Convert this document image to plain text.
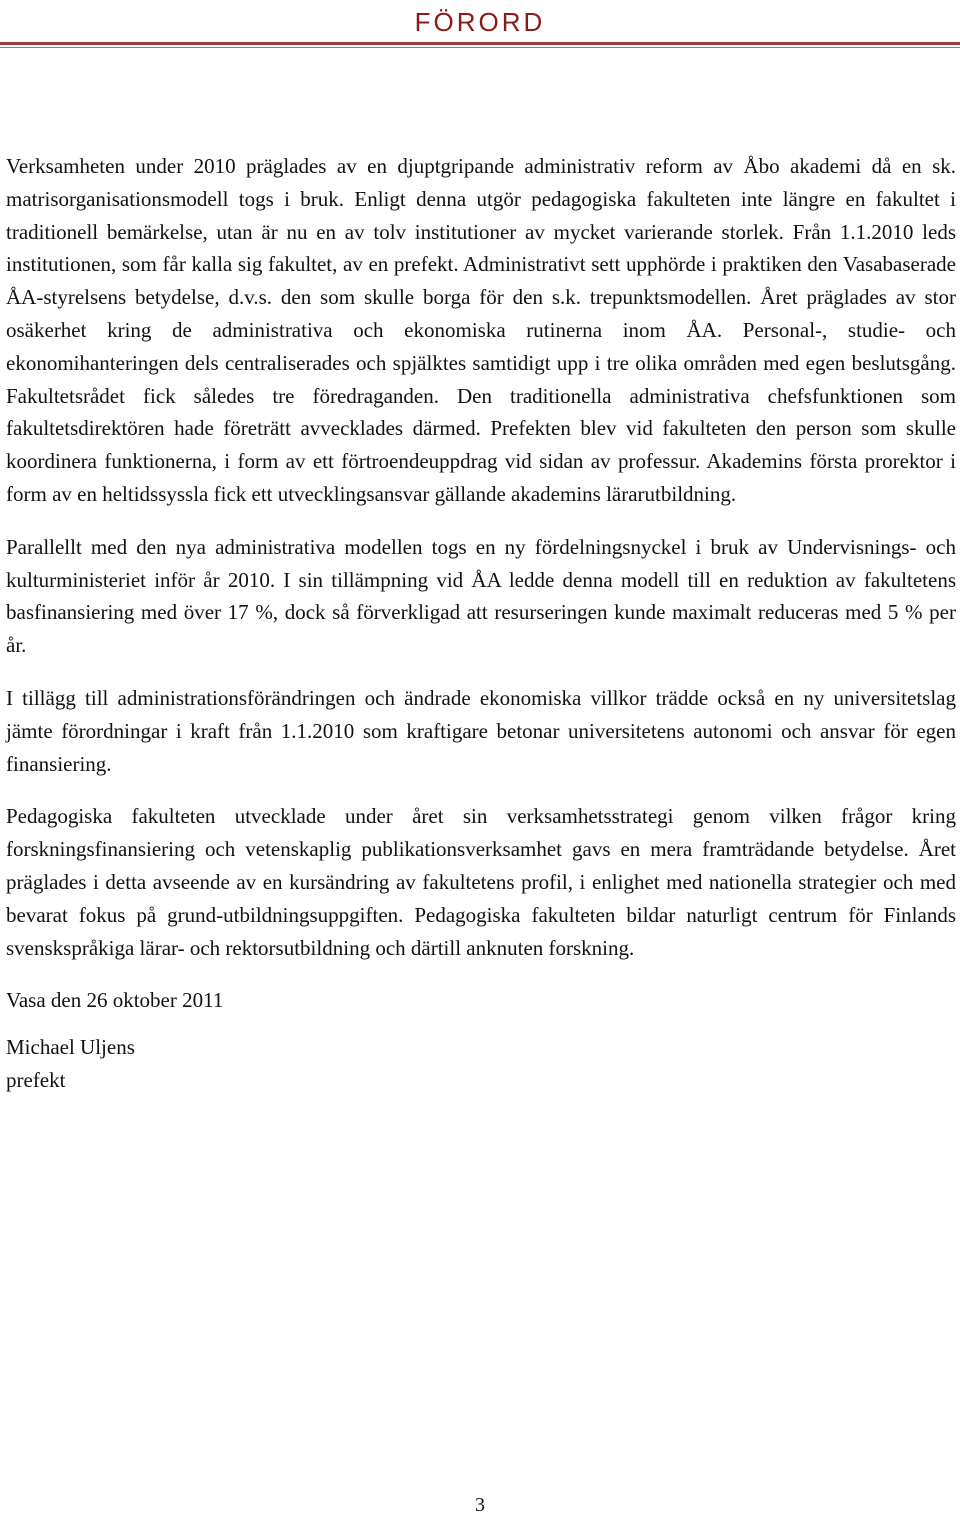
FÖRORD

Verksamheten under 2010 präglades av en djuptgripande administrativ reform av Åbo akademi då en sk. matrisorganisationsmodell togs i bruk. Enligt denna utgör pedagogiska fakulteten inte längre en fakultet i traditionell bemärkelse, utan är nu en av tolv institutioner av mycket varierande storlek. Från 1.1.2010 leds institutionen, som får kalla sig fakultet, av en prefekt. Administrativt sett upphörde i praktiken den Vasabaserade ÅA-styrelsens betydelse, d.v.s. den som skulle borga för den s.k. trepunktsmodellen. Året präglades av stor osäkerhet kring de administrativa och ekonomiska rutinerna inom ÅA. Personal-, studie- och ekonomihanteringen dels centraliserades och spjälktes samtidigt upp i tre olika områden med egen beslutsgång. Fakultetsrådet fick således tre föredraganden. Den traditionella administrativa chefsfunktionen som fakultetsdirektören hade företrätt avvecklades därmed. Prefekten blev vid fakulteten den person som skulle koordinera funktionerna, i form av ett förtroendeuppdrag vid sidan av professur. Akademins första prorektor i form av en heltidssyssla fick ett utvecklingsansvar gällande akademins lärarutbildning.

Parallellt med den nya administrativa modellen togs en ny fördelningsnyckel i bruk av Undervisnings- och kulturministeriet inför år 2010. I sin tillämpning vid ÅA ledde denna modell till en reduktion av fakultetens basfinansiering med över 17 %, dock så förverkligad att resurseringen kunde maximalt reduceras med 5 % per år.

I tillägg till administrationsförändringen och ändrade ekonomiska villkor trädde också en ny universitetslag jämte förordningar i kraft från 1.1.2010 som kraftigare betonar universitetens autonomi och ansvar för egen finansiering.

Pedagogiska fakulteten utvecklade under året sin verksamhetsstrategi genom vilken frågor kring forskningsfinansiering och vetenskaplig publikationsverksamhet gavs en mera framträdande betydelse. Året präglades i detta avseende av en kursändring av fakultetens profil, i enlighet med nationella strategier och med bevarat fokus på grund-utbildningsuppgiften. Pedagogiska fakulteten bildar naturligt centrum för Finlands svenskspråkiga lärar- och rektorsutbildning och därtill anknuten forskning.

Vasa den 26 oktober 2011

Michael Uljens
prefekt
3
